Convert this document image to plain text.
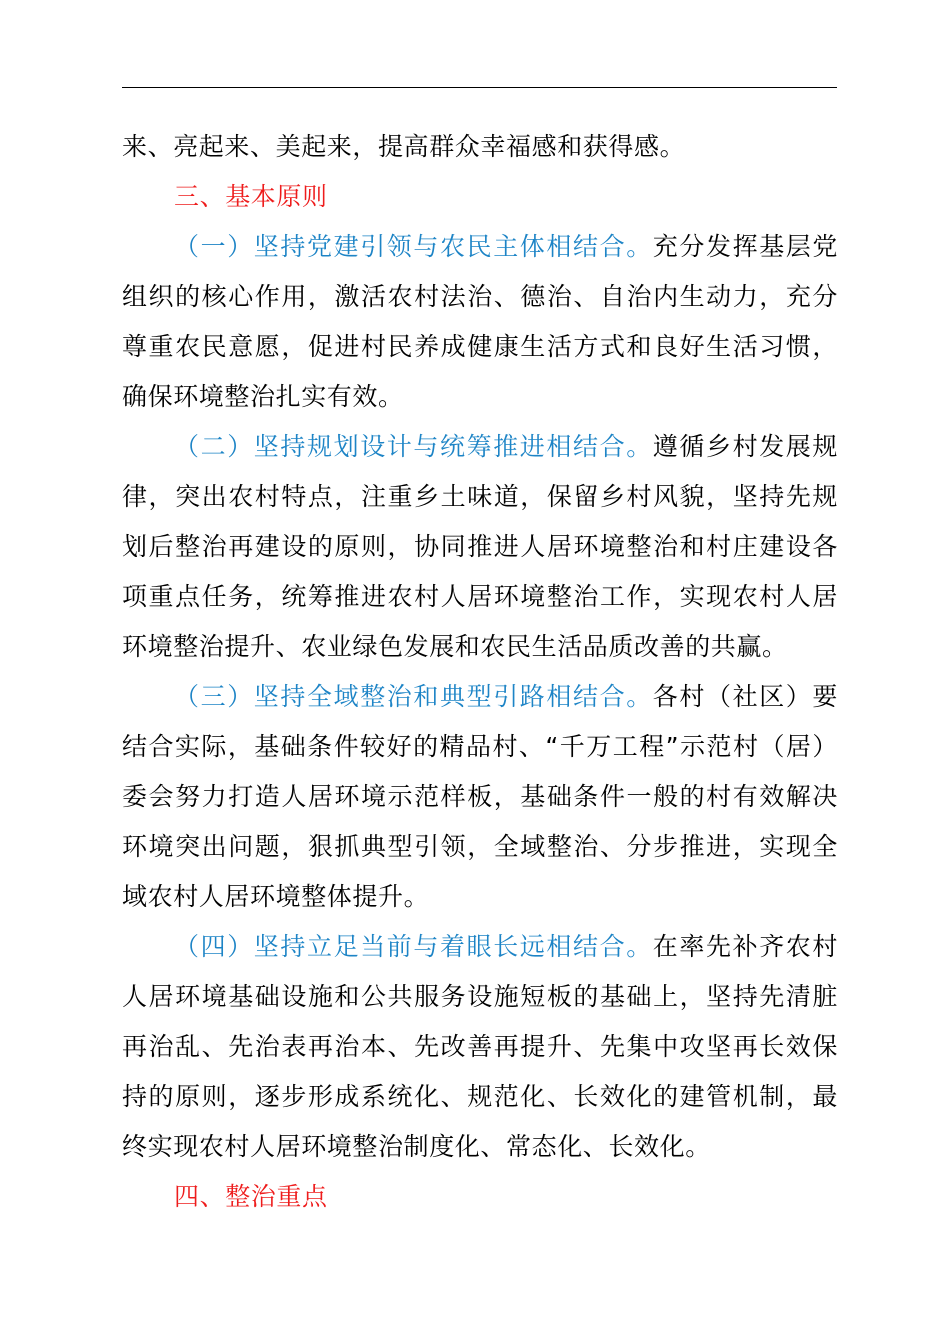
来、亮起来、美起来，提高群众幸福感和获得感。

三、基本原则

（一）坚持党建引领与农民主体相结合。充分发挥基层党组织的核心作用，激活农村法治、德治、自治内生动力，充分尊重农民意愿，促进村民养成健康生活方式和良好生活习惯，确保环境整治扎实有效。

（二）坚持规划设计与统筹推进相结合。遵循乡村发展规律，突出农村特点，注重乡土味道，保留乡村风貌，坚持先规划后整治再建设的原则，协同推进人居环境整治和村庄建设各项重点任务，统筹推进农村人居环境整治工作，实现农村人居环境整治提升、农业绿色发展和农民生活品质改善的共赢。

（三）坚持全域整治和典型引路相结合。各村（社区）要结合实际，基础条件较好的精品村、“千万工程”示范村（居）委会努力打造人居环境示范样板，基础条件一般的村有效解决环境突出问题，狠抓典型引领，全域整治、分步推进，实现全域农村人居环境整体提升。

（四）坚持立足当前与着眼长远相结合。在率先补齐农村人居环境基础设施和公共服务设施短板的基础上，坚持先清脏再治乱、先治表再治本、先改善再提升、先集中攻坚再长效保持的原则，逐步形成系统化、规范化、长效化的建管机制，最终实现农村人居环境整治制度化、常态化、长效化。

四、整治重点
